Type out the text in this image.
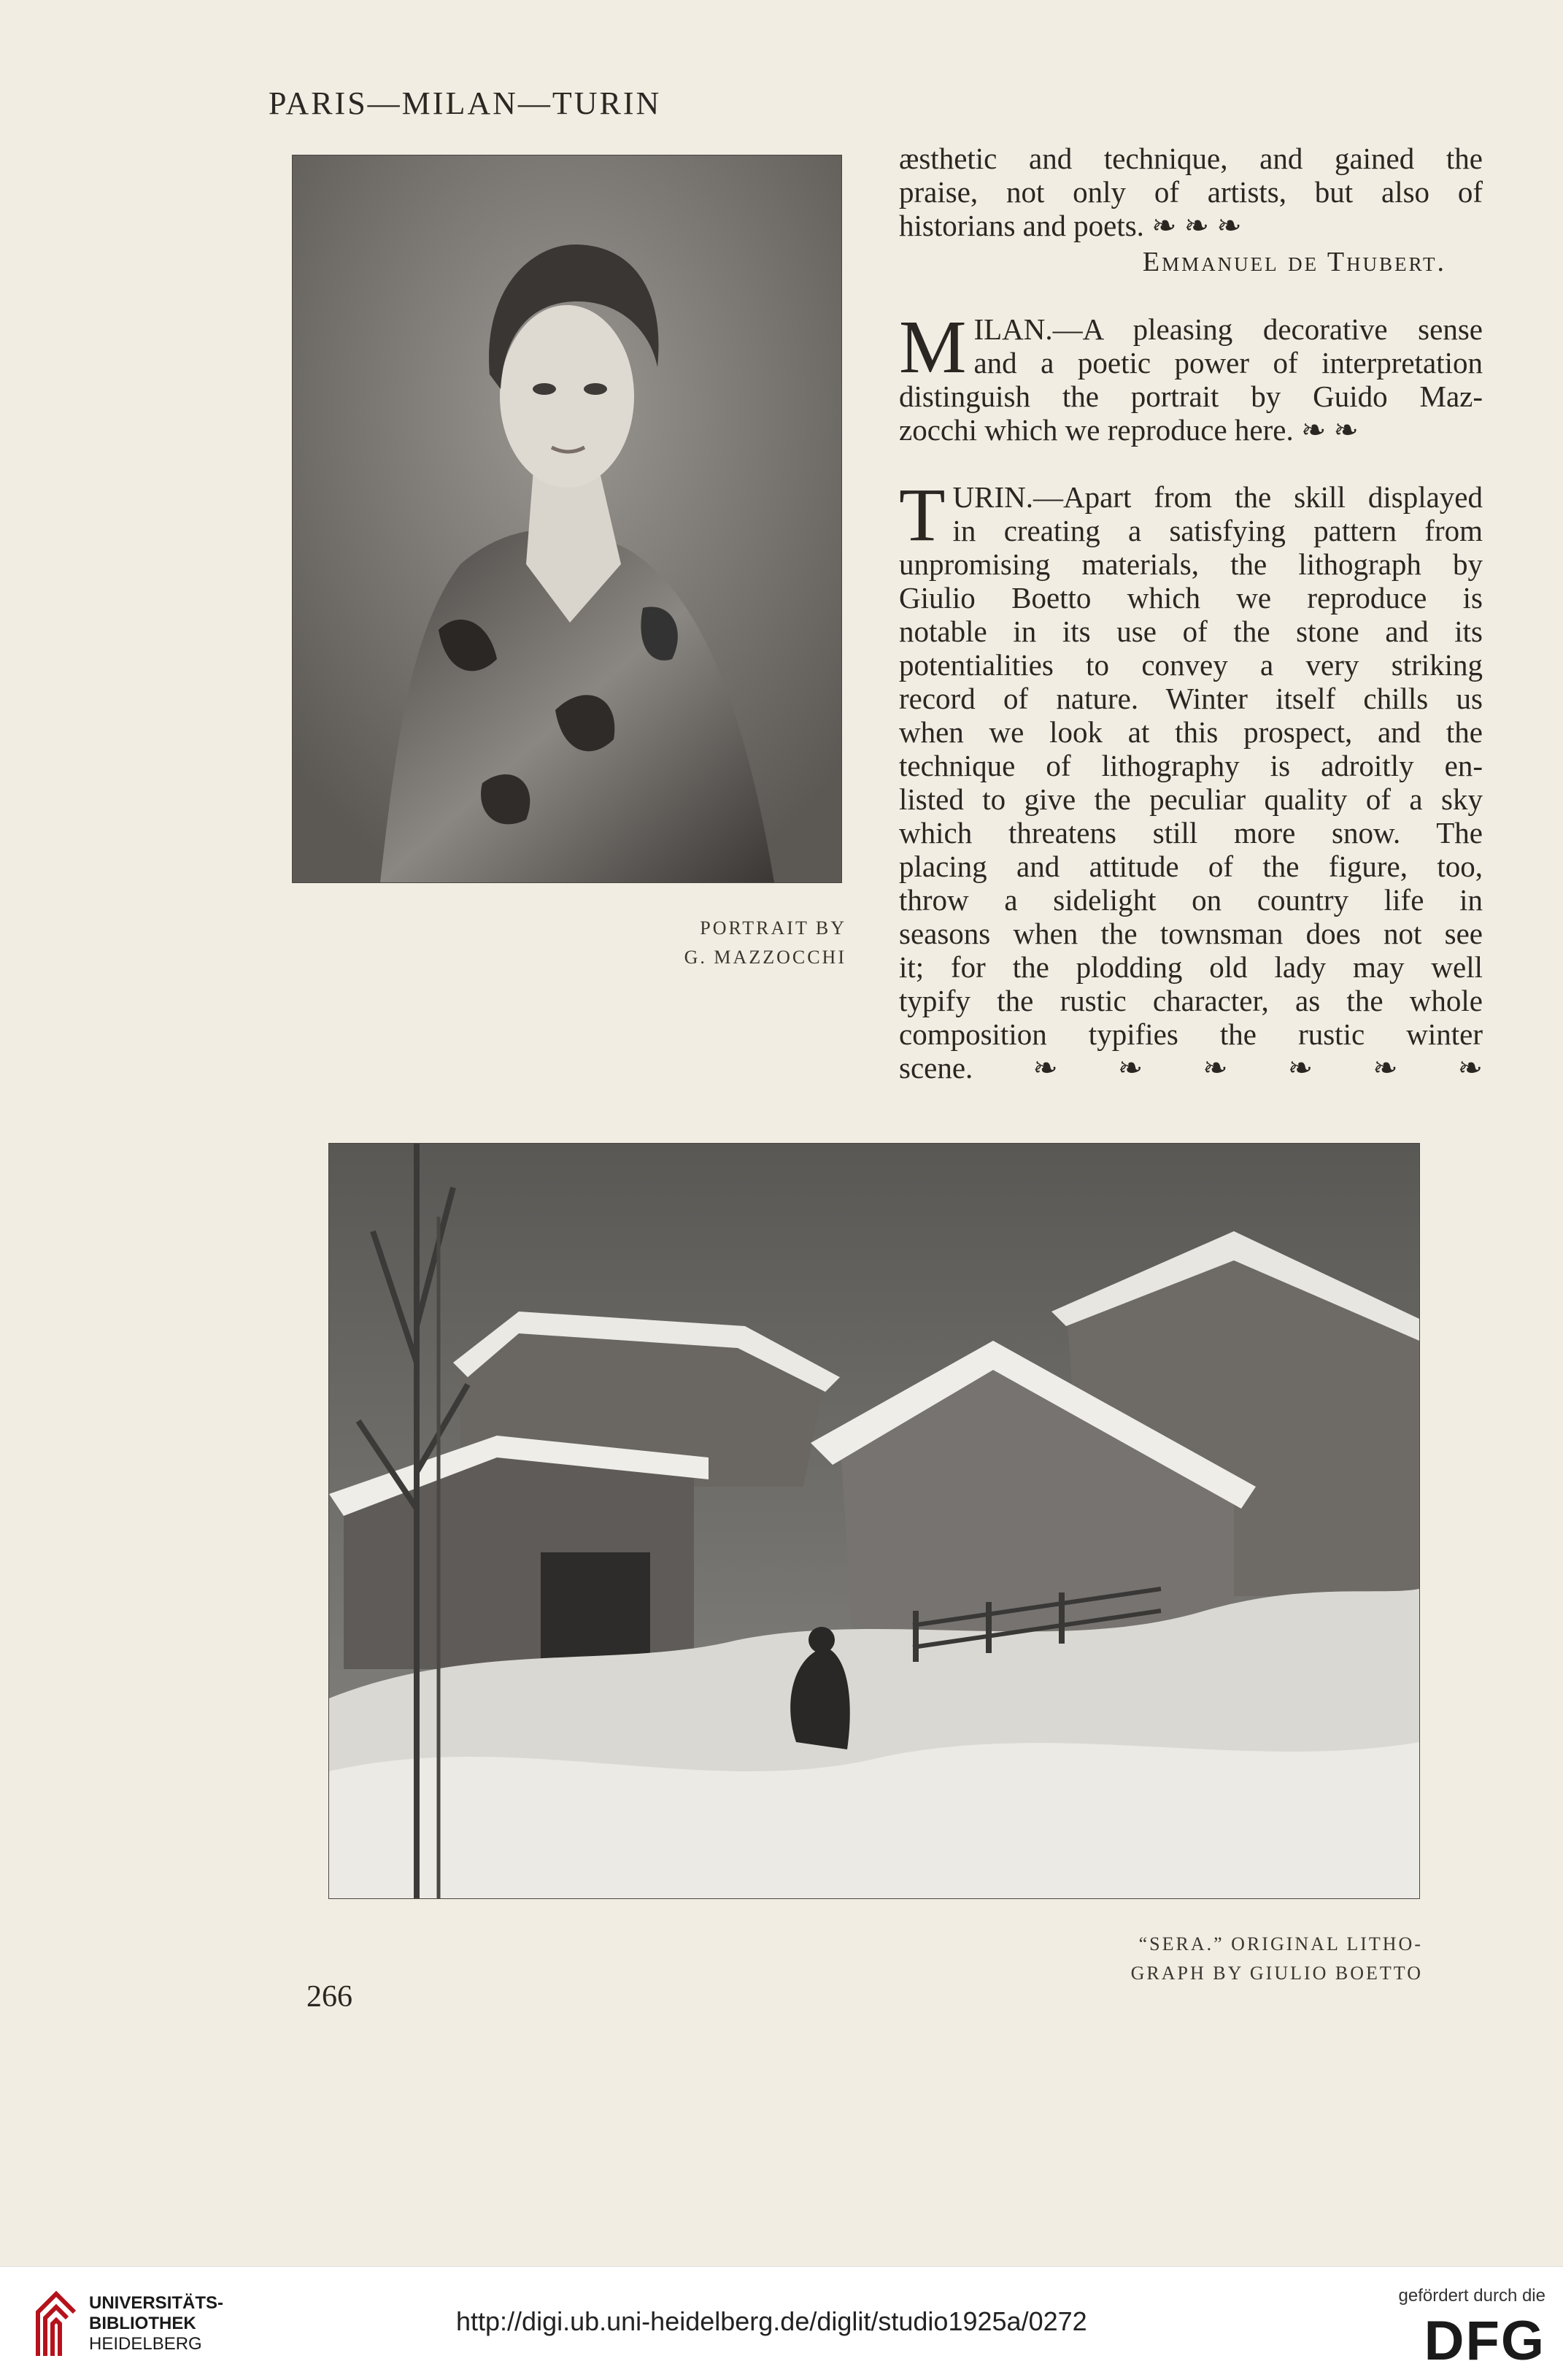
PARIS—MILAN—TURIN
PORTRAIT BY
G. MAZZOCCHI

æsthetic and technique, and gained the

praise, not only of artists, but also of

historians and poets. ❧ ❧ ❧

Emmanuel de Thubert.
M ILAN.—A pleasing decorative sense

and a poetic power of interpretation

distinguish the portrait by Guido Maz-

zocchi which we reproduce here. ❧ ❧

T URIN.—Apart from the skill displayed

in creating a satisfying pattern from

unpromising materials, the lithograph by

Giulio Boetto which we reproduce is

notable in its use of the stone and its

potentialities to convey a very striking

record of nature. Winter itself chills us

when we look at this prospect, and the

technique of lithography is adroitly en-

listed to give the peculiar quality of a sky

which threatens still more snow. The

placing and attitude of the figure, too,

throw a sidelight on country life in

seasons when the townsman does not see

it; for the plodding old lady may well

typify the rustic character, as the whole

composition typifies the rustic winter

scene. ❧ ❧ ❧ ❧ ❧ ❧

“SERA.” ORIGINAL LITHO-
GRAPH BY GIULIO BOETTO
266
UNIVERSITÄTS-
BIBLIOTHEK
HEIDELBERG
http://digi.ub.uni-heidelberg.de/diglit/studio1925a/0272
gefördert durch die
DFG
